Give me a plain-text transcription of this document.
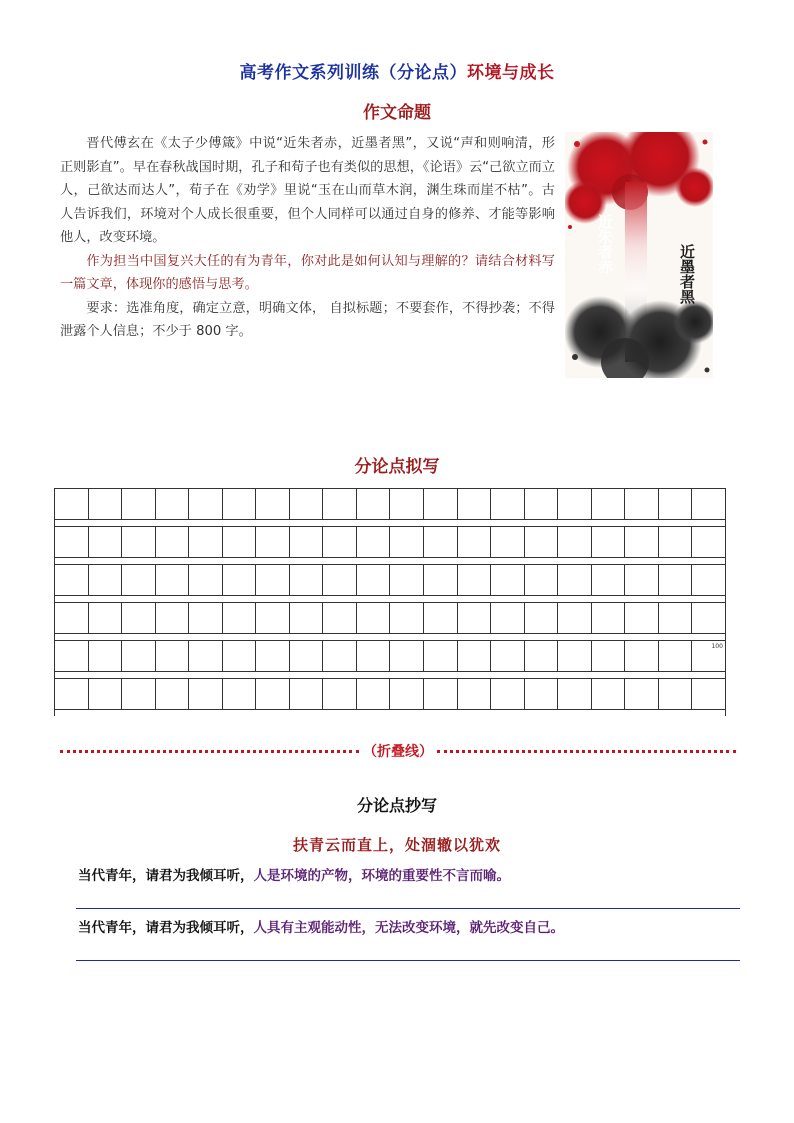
高考作文系列训练（分论点）环境与成长
作文命题

晋代傅玄在《太子少傅箴》中说“近朱者赤，近墨者黑”，又说“声和则响清，形正则影直”。早在春秋战国时期，孔子和荀子也有类似的思想，《论语》云“己欲立而立人，己欲达而达人”，荀子在《劝学》里说“玉在山而草木润，渊生珠而崖不枯”。古人告诉我们，环境对个人成长很重要，但个人同样可以通过自身的修养、才能等影响他人，改变环境。

作为担当中国复兴大任的有为青年，你对此是如何认知与理解的？请结合材料写 一篇文章，体现你的感悟与思考。

要求：选准角度，确定立意，明确文体， 自拟标题；不要套作，不得抄袭；不得泄露个人信息；不少于 800 字。

近朱者赤	近墨者黑
分论点拟写
100
（折叠线）
分论点抄写
扶青云而直上，处涸辙以犹欢
当代青年，请君为我倾耳听，人是环境的产物，环境的重要性不言而喻。
当代青年，请君为我倾耳听，人具有主观能动性，无法改变环境，就先改变自己。
